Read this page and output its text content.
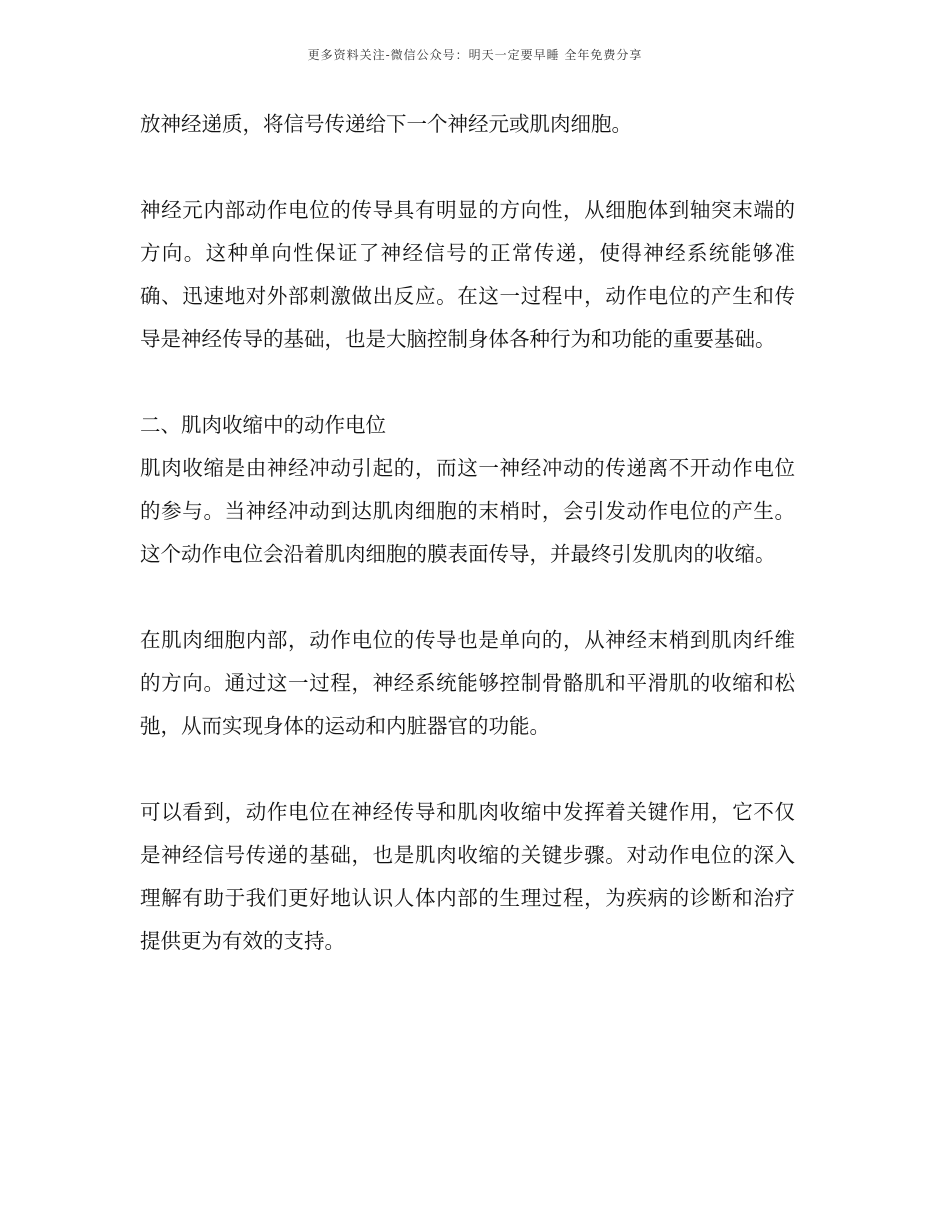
更多资料关注-微信公众号：明天一定要早睡 全年免费分享

放神经递质，将信号传递给下一个神经元或肌肉细胞。

神经元内部动作电位的传导具有明显的方向性，从细胞体到轴突末端的方向。这种单向性保证了神经信号的正常传递，使得神经系统能够准确、迅速地对外部刺激做出反应。在这一过程中，动作电位的产生和传导是神经传导的基础，也是大脑控制身体各种行为和功能的重要基础。

二、肌肉收缩中的动作电位

肌肉收缩是由神经冲动引起的，而这一神经冲动的传递离不开动作电位的参与。当神经冲动到达肌肉细胞的末梢时，会引发动作电位的产生。这个动作电位会沿着肌肉细胞的膜表面传导，并最终引发肌肉的收缩。

在肌肉细胞内部，动作电位的传导也是单向的，从神经末梢到肌肉纤维的方向。通过这一过程，神经系统能够控制骨骼肌和平滑肌的收缩和松弛，从而实现身体的运动和内脏器官的功能。

可以看到，动作电位在神经传导和肌肉收缩中发挥着关键作用，它不仅是神经信号传递的基础，也是肌肉收缩的关键步骤。对动作电位的深入理解有助于我们更好地认识人体内部的生理过程，为疾病的诊断和治疗提供更为有效的支持。
